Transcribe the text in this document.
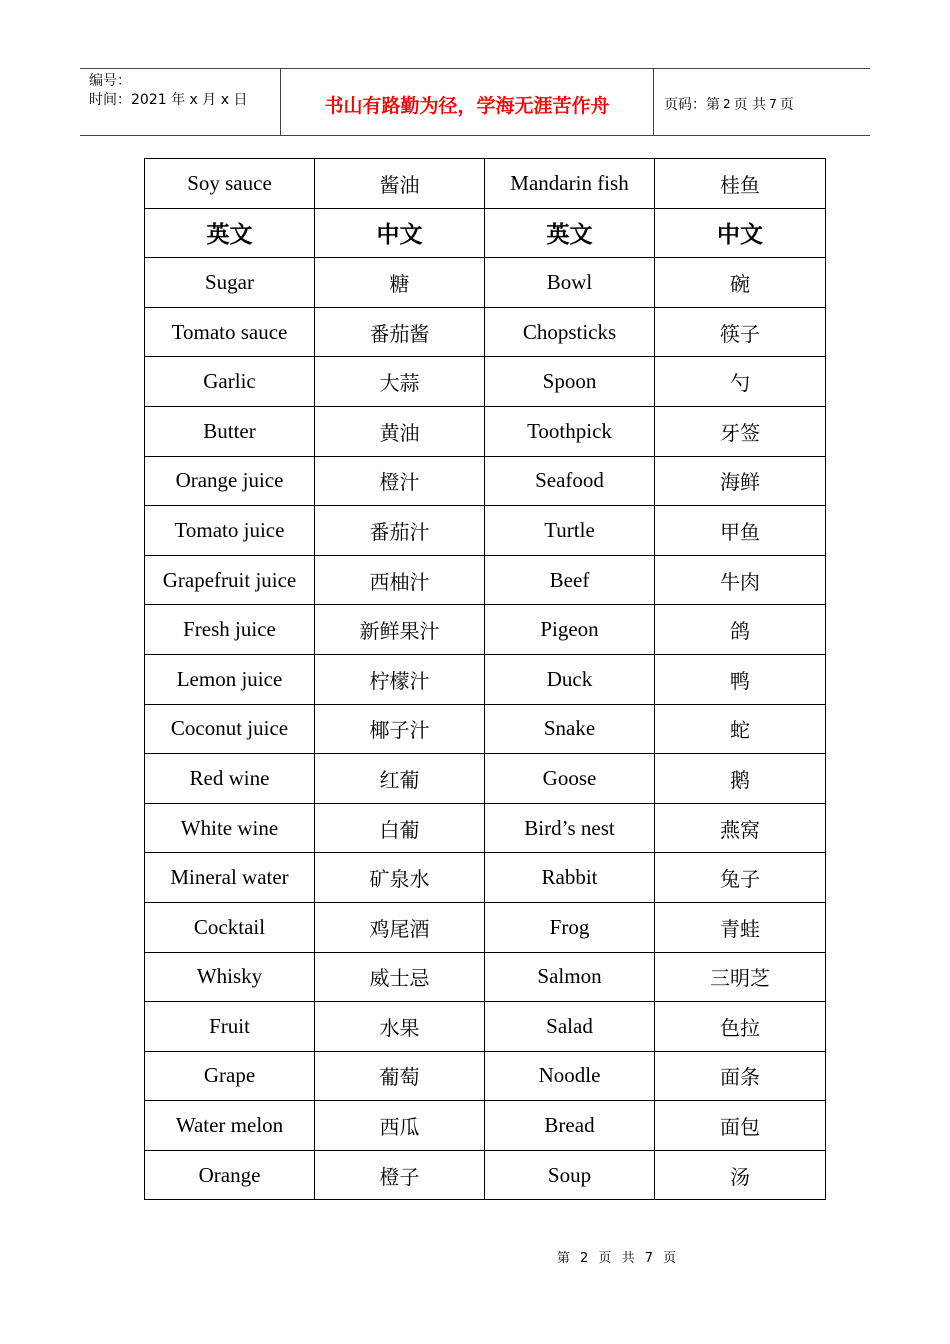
编号：
时间：2021 年 x 月 x 日	书山有路勤为径，学海无涯苦作舟	页码：第 2 页 共 7 页
Soy sauce	酱油	Mandarin fish	桂鱼
英文	中文	英文	中文
Sugar	糖	Bowl	碗
Tomato sauce	番茄酱	Chopsticks	筷子
Garlic	大蒜	Spoon	勺
Butter	黄油	Toothpick	牙签
Orange juice	橙汁	Seafood	海鲜
Tomato juice	番茄汁	Turtle	甲鱼
Grapefruit juice	西柚汁	Beef	牛肉
Fresh juice	新鲜果汁	Pigeon	鸽
Lemon juice	柠檬汁	Duck	鸭
Coconut juice	椰子汁	Snake	蛇
Red wine	红葡	Goose	鹅
White wine	白葡	Bird’s nest	燕窝
Mineral water	矿泉水	Rabbit	兔子
Cocktail	鸡尾酒	Frog	青蛙
Whisky	威士忌	Salmon	三明芝
Fruit	水果	Salad	色拉
Grape	葡萄	Noodle	面条
Water melon	西瓜	Bread	面包
Orange	橙子	Soup	汤
第 2 页 共 7 页
